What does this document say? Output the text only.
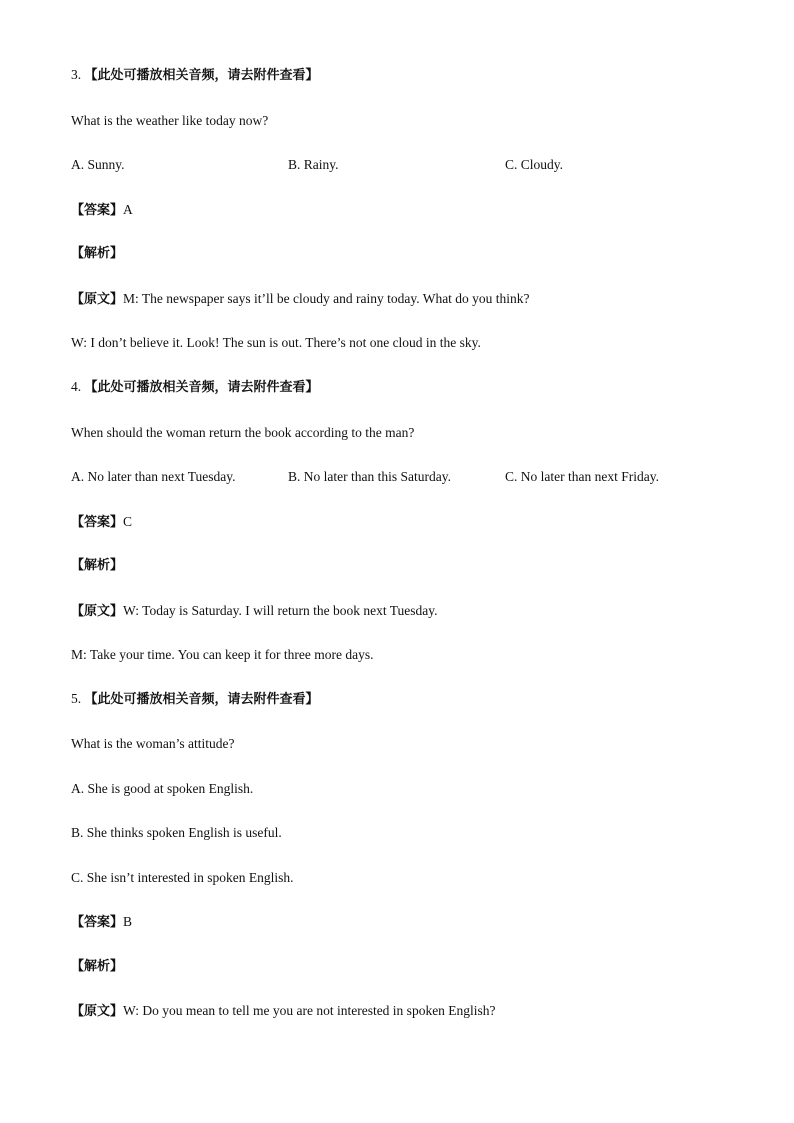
3. 【此处可播放相关音频，请去附件查看】
What is the weather like today now?
A. Sunny.	B. Rainy.	C. Cloudy.
【答案】A
【解析】
【原文】M: The newspaper says it’ll be cloudy and rainy today. What do you think?
W: I don’t believe it. Look! The sun is out. There’s not one cloud in the sky.
4. 【此处可播放相关音频，请去附件查看】
When should the woman return the book according to the man?
A. No later than next Tuesday.	B. No later than this Saturday.	C. No later than next Friday.
【答案】C
【解析】
【原文】W: Today is Saturday. I will return the book next Tuesday.
M: Take your time. You can keep it for three more days.
5. 【此处可播放相关音频，请去附件查看】
What is the woman’s attitude?
A. She is good at spoken English.
B. She thinks spoken English is useful.
C. She isn’t interested in spoken English.
【答案】B
【解析】
【原文】W: Do you mean to tell me you are not interested in spoken English?
